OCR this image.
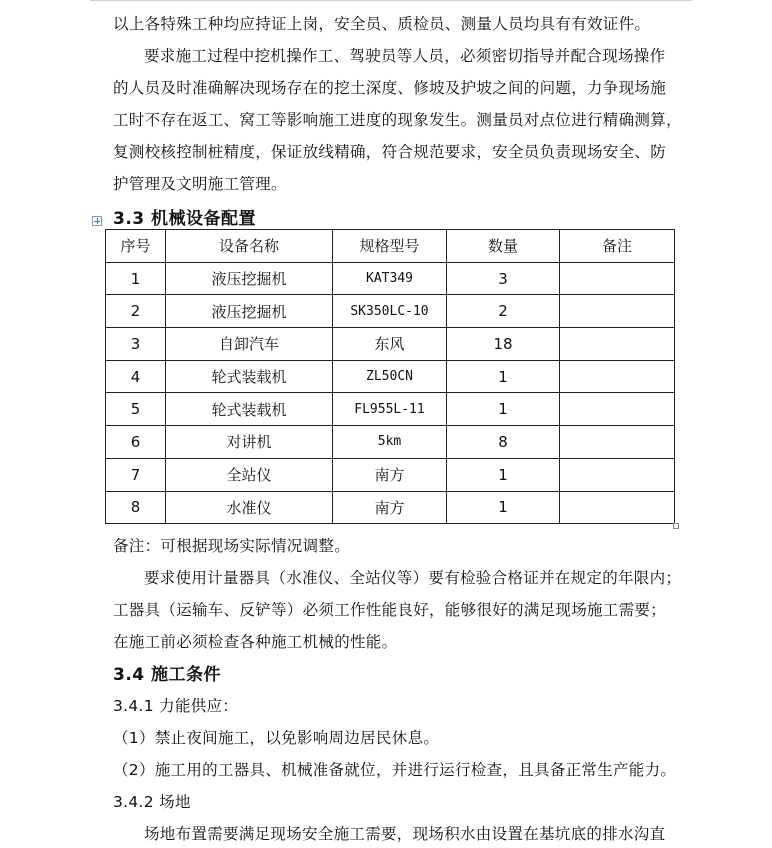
以上各特殊工种均应持证上岗，安全员、质检员、测量人员均具有有效证件。
要求施工过程中挖机操作工、驾驶员等人员，必须密切指导并配合现场操作
的人员及时准确解决现场存在的挖土深度、修坡及护坡之间的问题，力争现场施
工时不存在返工、窝工等影响施工进度的现象发生。测量员对点位进行精确测算，
复测校核控制桩精度，保证放线精确，符合规范要求，安全员负责现场安全、防
护管理及文明施工管理。
3.3 机械设备配置
序号	设备名称	规格型号	数量	备注
1	液压挖掘机	KAT349	3	
2	液压挖掘机	SK350LC-10	2	
3	自卸汽车	东风	18	
4	轮式装载机	ZL50CN	1	
5	轮式装载机	FL955L-11	1	
6	对讲机	5km	8	
7	全站仪	南方	1	
8	水准仪	南方	1	
备注：可根据现场实际情况调整。
要求使用计量器具（水准仪、全站仪等）要有检验合格证并在规定的年限内；
工器具（运输车、反铲等）必须工作性能良好，能够很好的满足现场施工需要；
在施工前必须检查各种施工机械的性能。
3.4 施工条件
3.4.1 力能供应：
（1）禁止夜间施工，以免影响周边居民休息。
（2）施工用的工器具、机械准备就位，并进行运行检查，且具备正常生产能力。
3.4.2 场地
场地布置需要满足现场安全施工需要，现场积水由设置在基坑底的排水沟直
